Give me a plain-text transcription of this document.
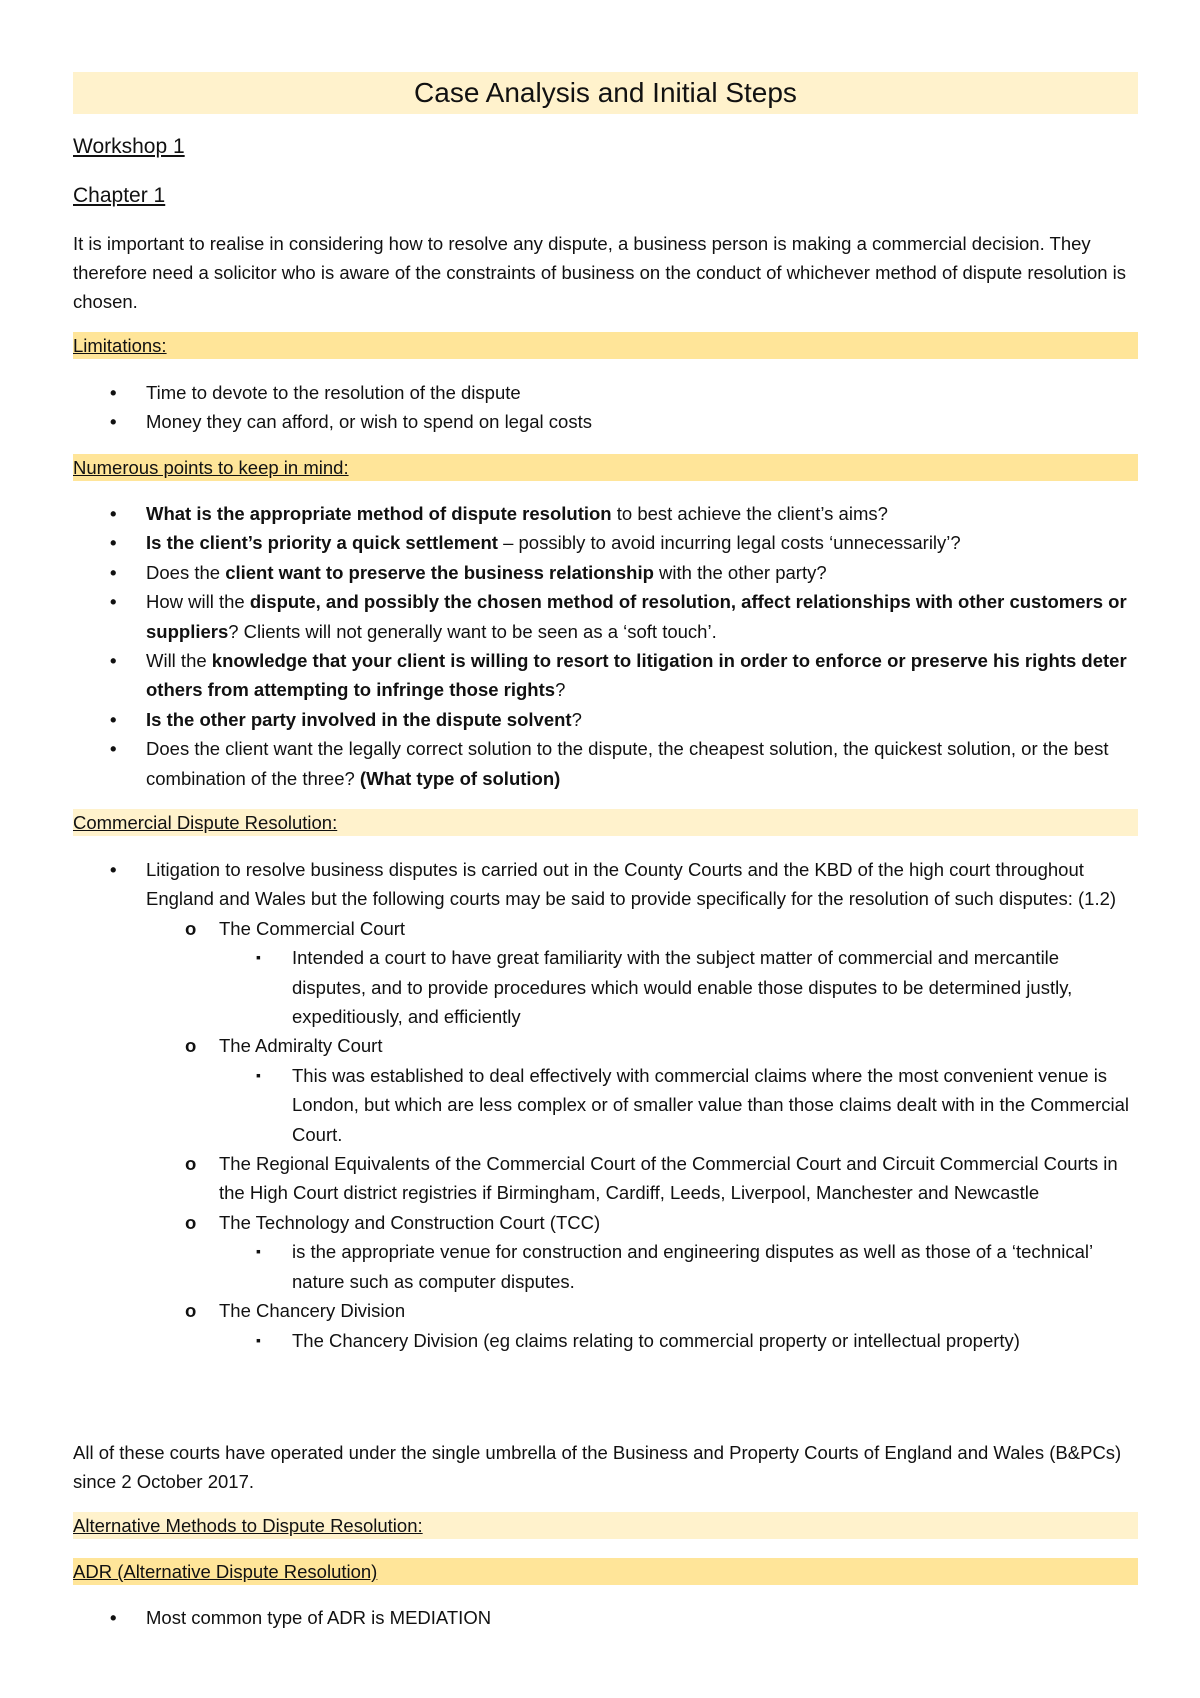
Case Analysis and Initial Steps
Workshop 1
Chapter 1

It is important to realise in considering how to resolve any dispute, a business person is making a commercial decision. They therefore need a solicitor who is aware of the constraints of business on the conduct of whichever method of dispute resolution is chosen.

Limitations:
• Time to devote to the resolution of the dispute
• Money they can afford, or wish to spend on legal costs
Numerous points to keep in mind:
• What is the appropriate method of dispute resolution to best achieve the client’s aims?
• Is the client’s priority a quick settlement – possibly to avoid incurring legal costs ‘unnecessarily’?
• Does the client want to preserve the business relationship with the other party?
• How will the dispute, and possibly the chosen method of resolution, affect relationships with other customers or suppliers? Clients will not generally want to be seen as a ‘soft touch’.
• Will the knowledge that your client is willing to resort to litigation in order to enforce or preserve his rights deter others from attempting to infringe those rights?
• Is the other party involved in the dispute solvent?
• Does the client want the legally correct solution to the dispute, the cheapest solution, the quickest solution, or the best combination of the three? (What type of solution)
Commercial Dispute Resolution:
• Litigation to resolve business disputes is carried out in the County Courts and the KBD of the high court throughout England and Wales but the following courts may be said to provide specifically for the resolution of such disputes: (1.2)
o The Commercial Court
▪ Intended a court to have great familiarity with the subject matter of commercial and mercantile disputes, and to provide procedures which would enable those disputes to be determined justly, expeditiously, and efficiently
o The Admiralty Court
▪ This was established to deal effectively with commercial claims where the most convenient venue is London, but which are less complex or of smaller value than those claims dealt with in the Commercial Court.
o The Regional Equivalents of the Commercial Court of the Commercial Court and Circuit Commercial Courts in the High Court district registries if Birmingham, Cardiff, Leeds, Liverpool, Manchester and Newcastle
o The Technology and Construction Court (TCC)
▪ is the appropriate venue for construction and engineering disputes as well as those of a ‘technical’ nature such as computer disputes.
o The Chancery Division
▪ The Chancery Division (eg claims relating to commercial property or intellectual property)

All of these courts have operated under the single umbrella of the Business and Property Courts of England and Wales (B&PCs) since 2 October 2017.

Alternative Methods to Dispute Resolution:
ADR (Alternative Dispute Resolution)
• Most common type of ADR is MEDIATION
